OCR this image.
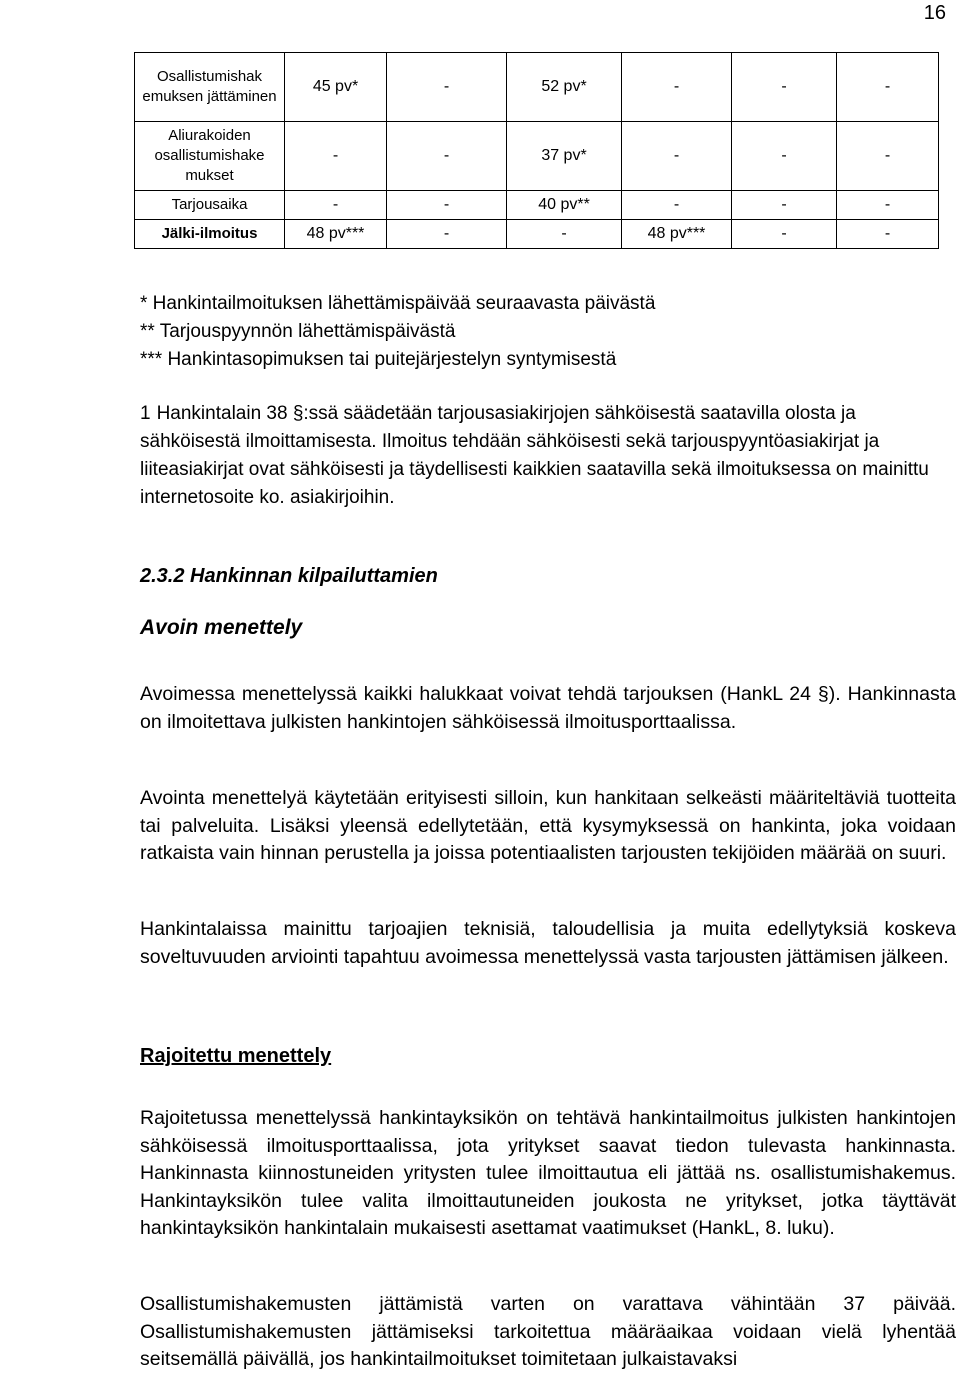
16
Osallistumishak emuksen jättäminen	45 pv*	-	52 pv*	-	-	-
Aliurakoiden osallistumishake mukset	-	-	37 pv*	-	-	-
Tarjousaika	-	-	40 pv**	-	-	-
Jälki-ilmoitus	48 pv***	-	-	48 pv***	-	-
* Hankintailmoituksen lähettämispäivää seuraavasta päivästä
** Tarjouspyynnön lähettämispäivästä
*** Hankintasopimuksen tai puitejärjestelyn syntymisestä
1 Hankintalain 38 §:ssä säädetään tarjousasiakirjojen sähköisestä saatavilla olosta ja sähköisestä ilmoittamisesta. Ilmoitus tehdään sähköisesti sekä tarjouspyyntöasiakirjat ja liiteasiakirjat ovat sähköisesti ja täydellisesti kaikkien saatavilla sekä ilmoituksessa on mainittu internetosoite ko. asiakirjoihin.
2.3.2 Hankinnan kilpailuttamien
Avoin menettely
Avoimessa menettelyssä kaikki halukkaat voivat tehdä tarjouksen (HankL 24 §). Hankinnasta on ilmoitettava julkisten hankintojen sähköisessä ilmoitusporttaalissa.
Avointa menettelyä käytetään erityisesti silloin, kun hankitaan selkeästi määriteltäviä tuotteita tai palveluita. Lisäksi yleensä edellytetään, että kysymyksessä on hankinta, joka voidaan ratkaista vain hinnan perustella ja joissa potentiaalisten tarjousten tekijöiden määrää on suuri.
Hankintalaissa mainittu tarjoajien teknisiä, taloudellisia ja muita edellytyksiä koskeva soveltuvuuden arviointi tapahtuu avoimessa menettelyssä vasta tarjousten jättämisen jälkeen.
Rajoitettu menettely
Rajoitetussa menettelyssä hankintayksikön on tehtävä hankintailmoitus julkisten hankintojen sähköisessä ilmoitusporttaalissa, jota yritykset saavat tiedon tulevasta hankinnasta. Hankinnasta kiinnostuneiden yritysten tulee ilmoittautua eli jättää ns. osallistumishakemus. Hankintayksikön tulee valita ilmoittautuneiden joukosta ne yritykset, jotka täyttävät hankintayksikön hankintalain mukaisesti asettamat vaatimukset (HankL, 8. luku).
Osallistumishakemusten jättämistä varten on varattava vähintään 37 päivää. Osallistumishakemusten jättämiseksi tarkoitettua määräaikaa voidaan vielä lyhentää seitsemällä päivällä, jos hankintailmoitukset toimitetaan julkaistavaksi
